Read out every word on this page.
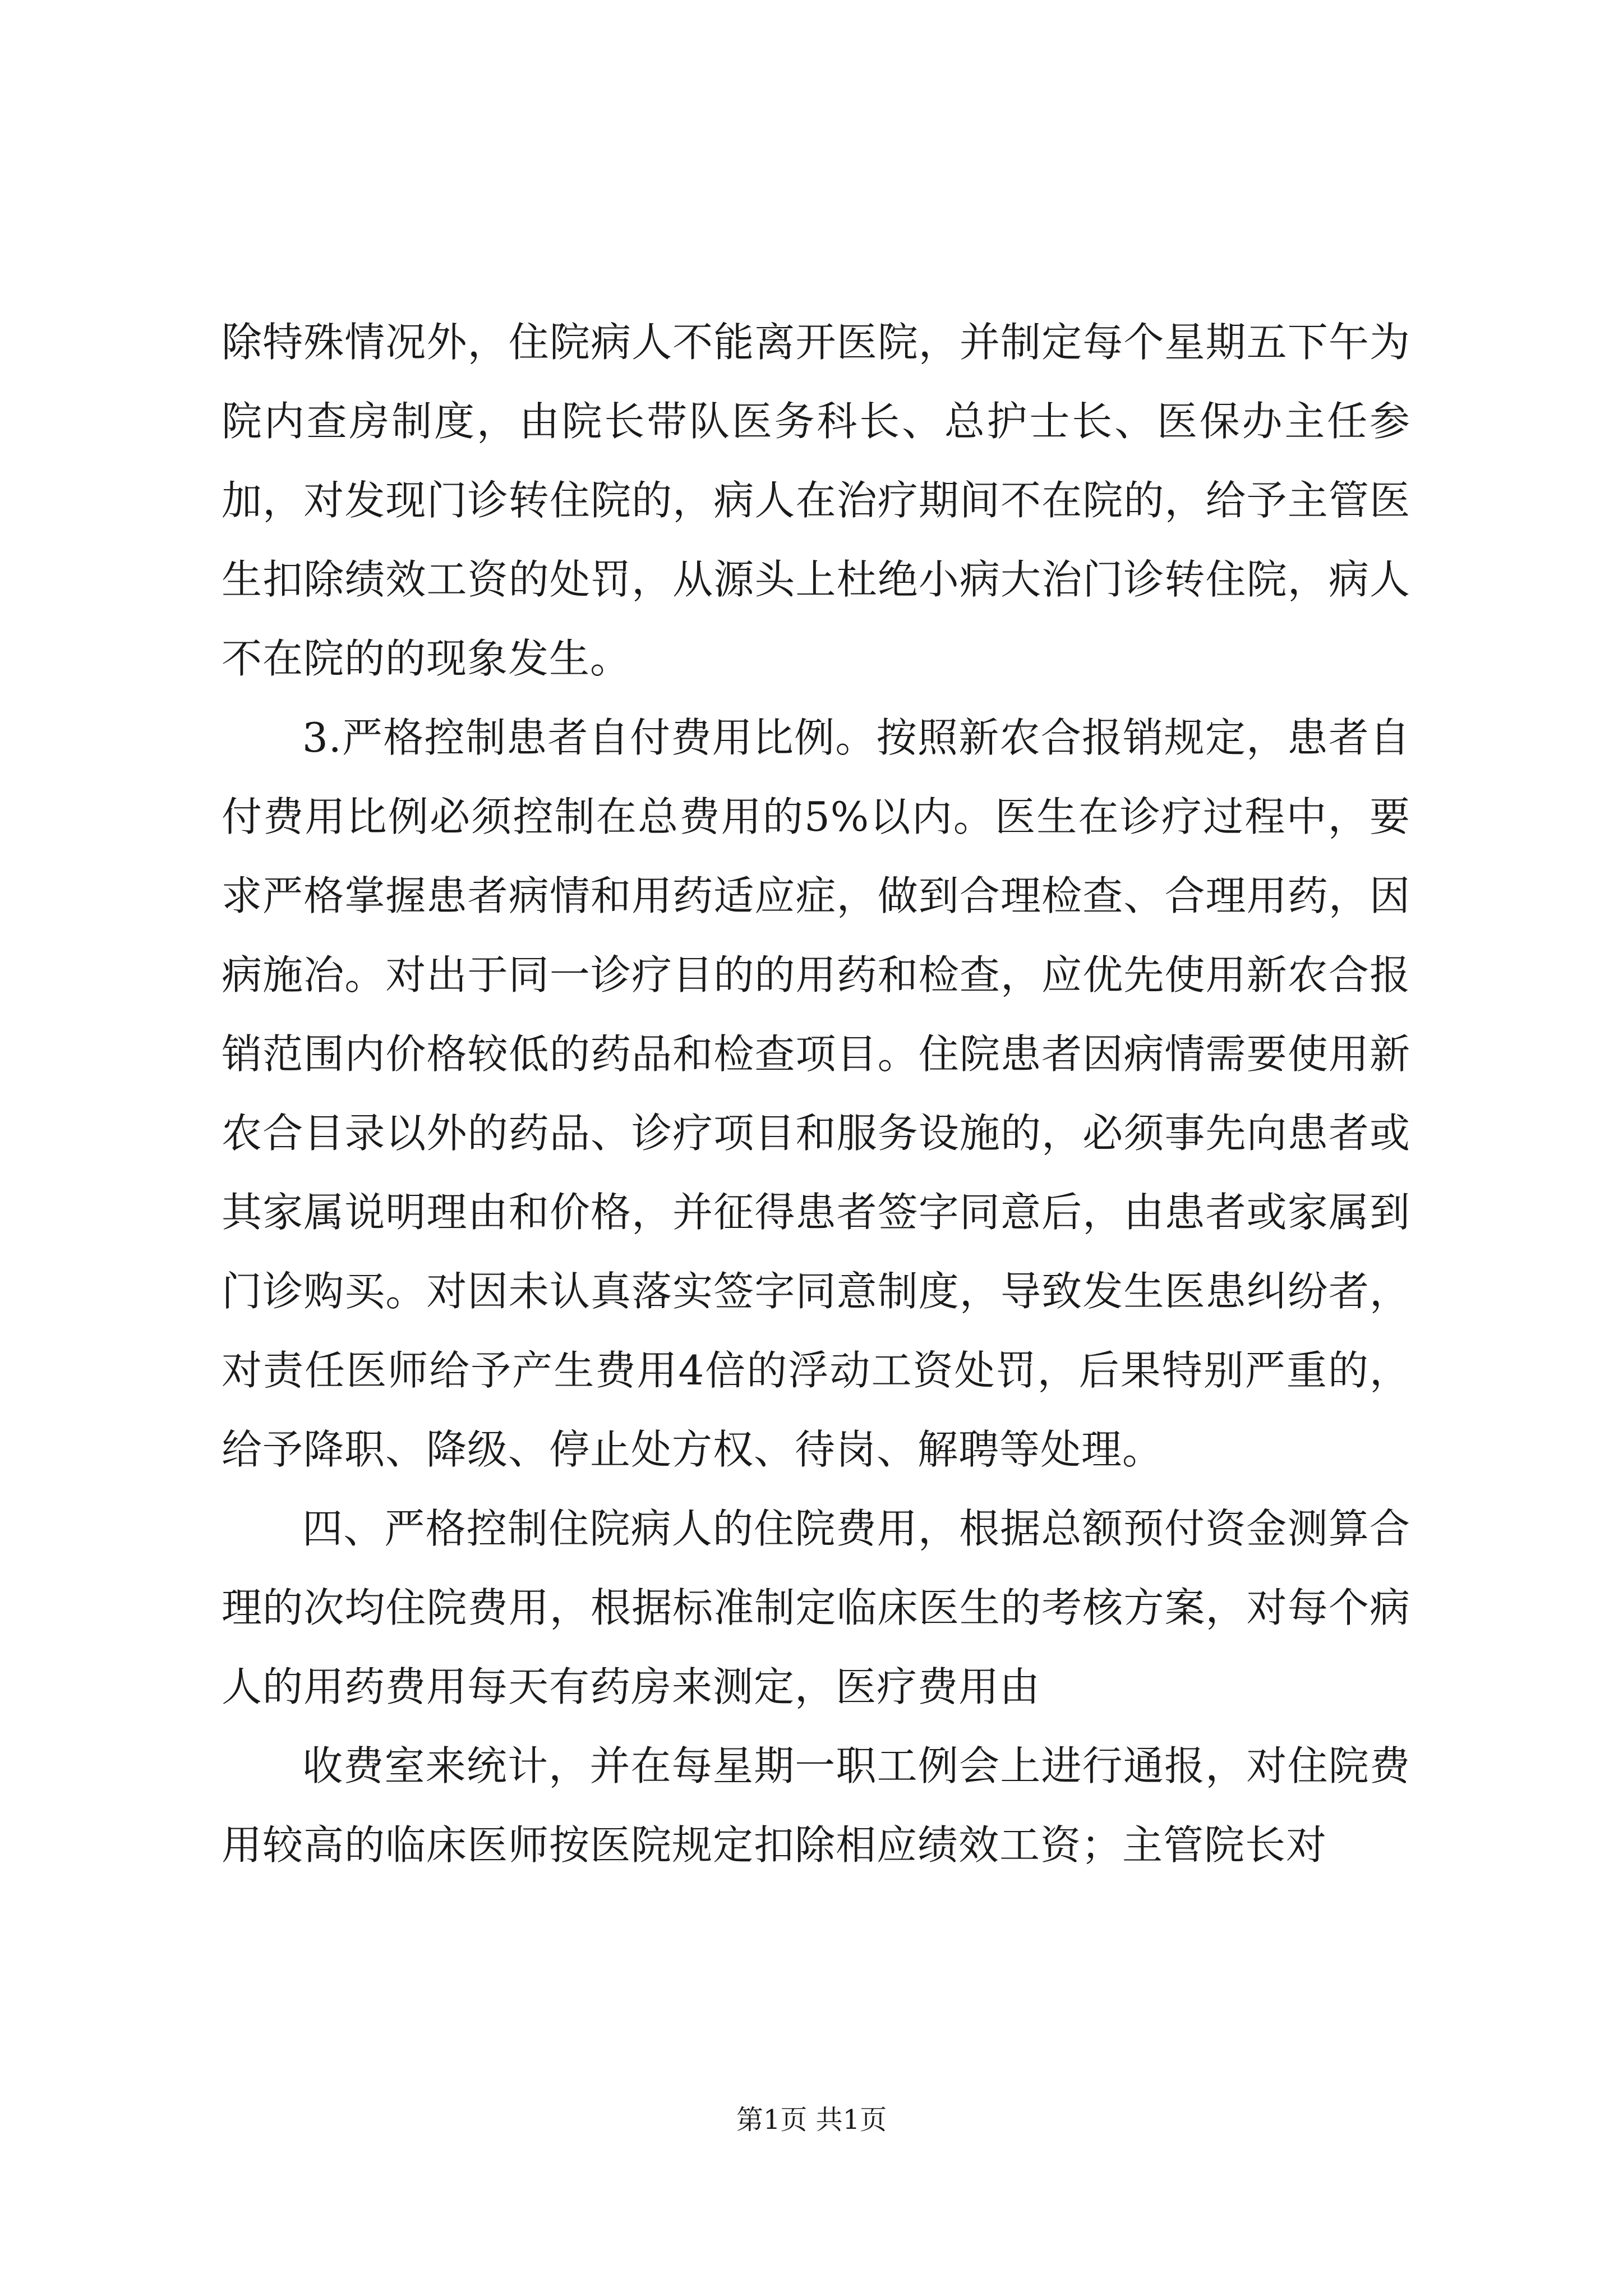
除特殊情况外，住院病人不能离开医院，并制定每个星期五下午为院内查房制度，由院长带队医务科长、总护士长、医保办主任参加，对发现门诊转住院的，病人在治疗期间不在院的，给予主管医生扣除绩效工资的处罚，从源头上杜绝小病大治门诊转住院，病人不在院的的现象发生。

3.严格控制患者自付费用比例。按照新农合报销规定，患者自付费用比例必须控制在总费用的5%以内。医生在诊疗过程中，要求严格掌握患者病情和用药适应症，做到合理检查、合理用药，因病施冶。对出于同一诊疗目的的用药和检查，应优先使用新农合报销范围内价格较低的药品和检查项目。住院患者因病情需要使用新农合目录以外的药品、诊疗项目和服务设施的，必须事先向患者或其家属说明理由和价格，并征得患者签字同意后，由患者或家属到门诊购买。对因未认真落实签字同意制度，导致发生医患纠纷者，对责任医师给予产生费用4倍的浮动工资处罚，后果特别严重的，给予降职、降级、停止处方权、待岗、解聘等处理。

四、严格控制住院病人的住院费用，根据总额预付资金测算合理的次均住院费用，根据标准制定临床医生的考核方案，对每个病人的用药费用每天有药房来测定，医疗费用由

收费室来统计，并在每星期一职工例会上进行通报，对住院费用较高的临床医师按医院规定扣除相应绩效工资；主管院长对

第1页 共1页
